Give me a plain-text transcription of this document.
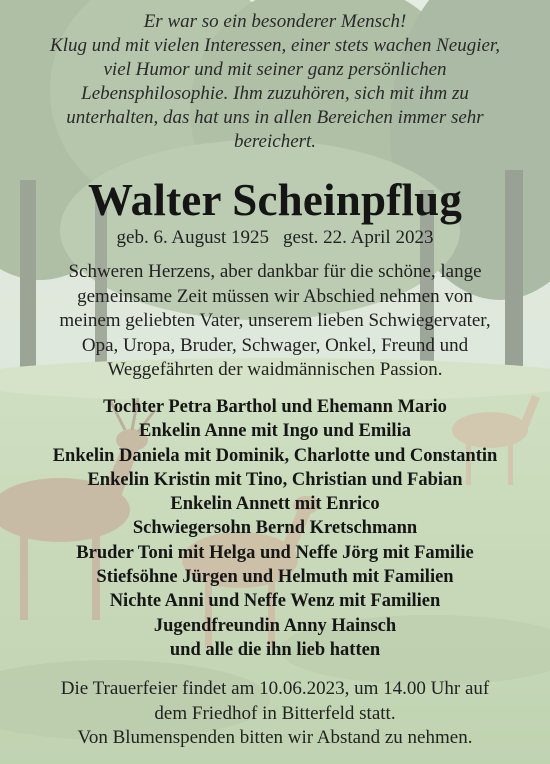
Er war so ein besonderer Mensch!
Klug und mit vielen Interessen, einer stets wachen Neugier,
viel Humor und mit seiner ganz persönlichen
Lebensphilosophie. Ihm zuzuhören, sich mit ihm zu
unterhalten, das hat uns in allen Bereichen immer sehr
bereichert.
Walter Scheinpflug
geb. 6. August 1925 gest. 22. April 2023
Schweren Herzens, aber dankbar für die schöne, lange
gemeinsame Zeit müssen wir Abschied nehmen von
meinem geliebten Vater, unserem lieben Schwiegervater,
Opa, Uropa, Bruder, Schwager, Onkel, Freund und
Weggefährten der waidmännischen Passion.
Tochter Petra Barthol und Ehemann Mario
Enkelin Anne mit Ingo und Emilia
Enkelin Daniela mit Dominik, Charlotte und Constantin
Enkelin Kristin mit Tino, Christian und Fabian
Enkelin Annett mit Enrico
Schwiegersohn Bernd Kretschmann
Bruder Toni mit Helga und Neffe Jörg mit Familie
Stiefsöhne Jürgen und Helmuth mit Familien
Nichte Anni und Neffe Wenz mit Familien
Jugendfreundin Anny Hainsch
und alle die ihn lieb hatten
Die Trauerfeier findet am 10.06.2023, um 14.00 Uhr auf
dem Friedhof in Bitterfeld statt.
Von Blumenspenden bitten wir Abstand zu nehmen.
